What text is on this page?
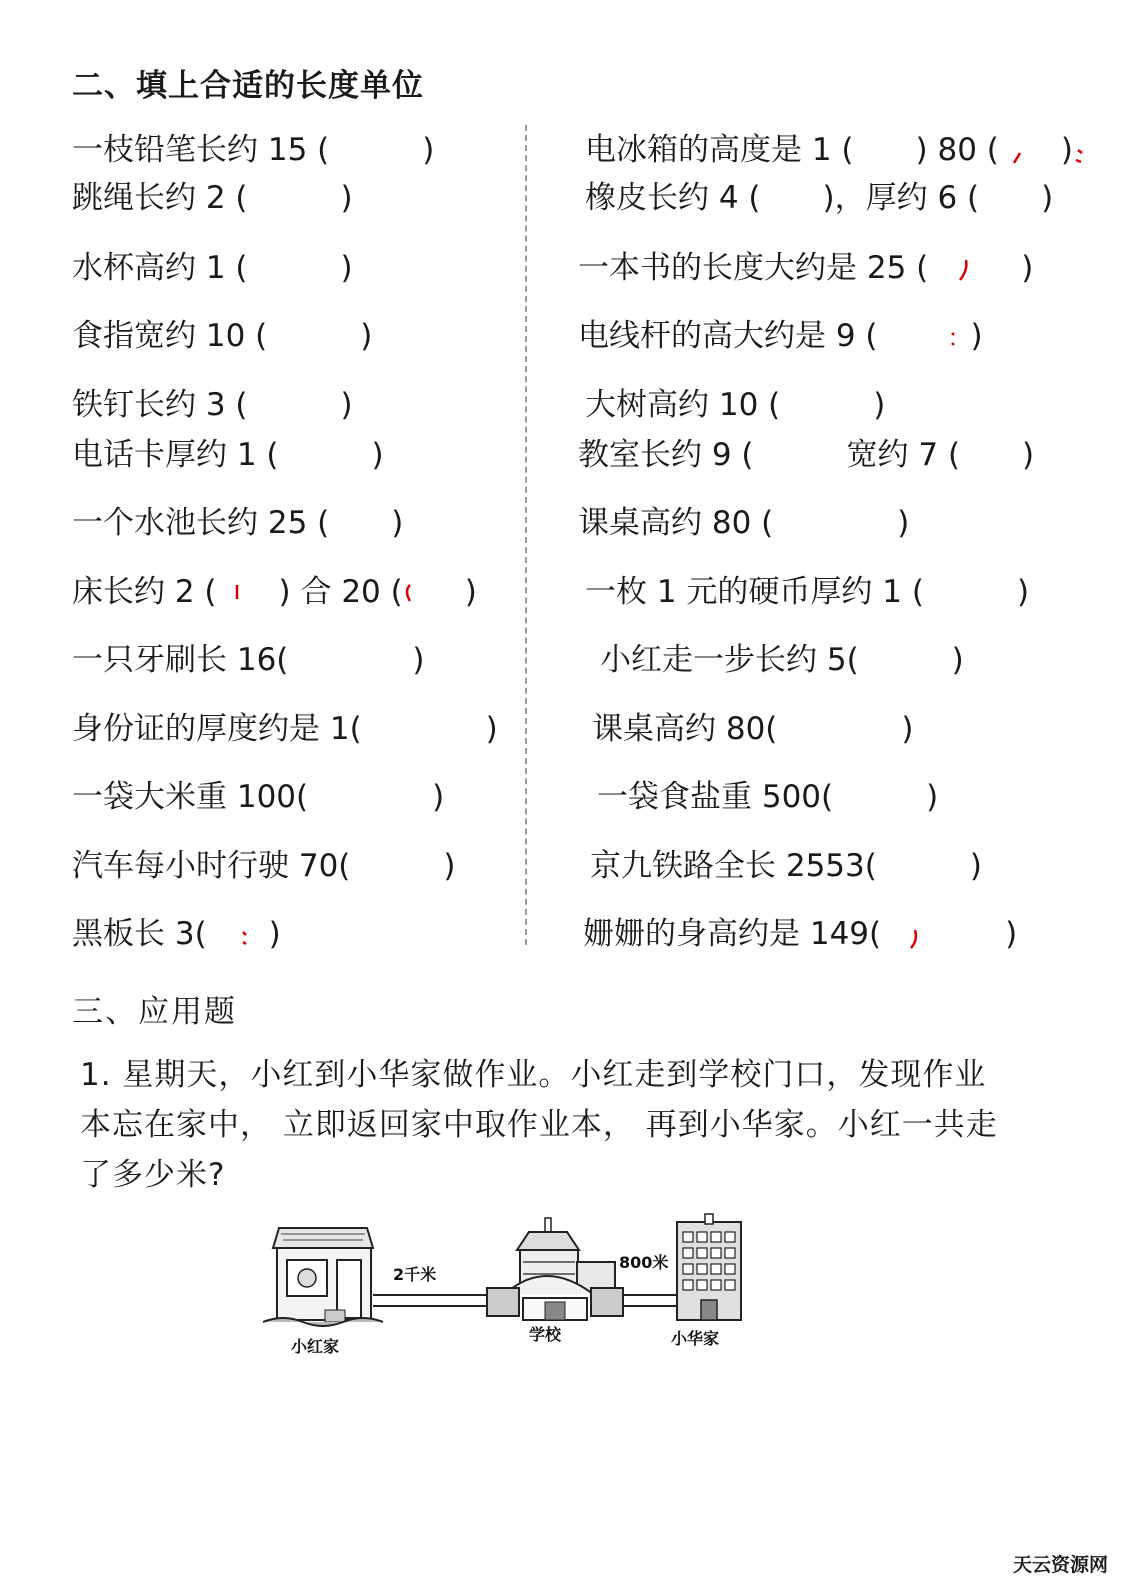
二、填上合适的长度单位
一枝铅笔长约 15 (　　　)
跳绳长约 2 (　　　)
水杯高约 1 (　　　)
食指宽约 10 (　　　)
铁钉长约 3 (　　　)
电话卡厚约 1 (　　　)
一个水池长约 25 (　　)
床长约 2 (　　) 合 20 (　　)
一只牙刷长 16(　　　　)
身份证的厚度约是 1(　　　　)
一袋大米重 100(　　　　)
汽车每小时行驶 70(　　　)
黑板长 3(　　)
电冰箱的高度是 1 (　　) 80 (　　)
橡皮长约 4 (　　)，厚约 6 (　　)
一本书的长度大约是 25 (　　　)
电线杆的高大约是 9 (　　　)
大树高约 10 (　　　)
教室长约 9 (　　　宽约 7 (　　)
课桌高约 80 (　　　　)
一枚 1 元的硬币厚约 1 (　　　)
小红走一步长约 5(　　　)
课桌高约 80(　　　　)
一袋食盐重 500(　　　)
京九铁路全长 2553(　　　)
姗姗的身高约是 149(　　　　)
三、应用题
1. 星期天，小红到小华家做作业。小红走到学校门口，发现作业
本忘在家中， 立即返回家中取作业本， 再到小华家。小红一共走
了多少米?
2千米
800米
小红家
学校	小华家
天云资源网
